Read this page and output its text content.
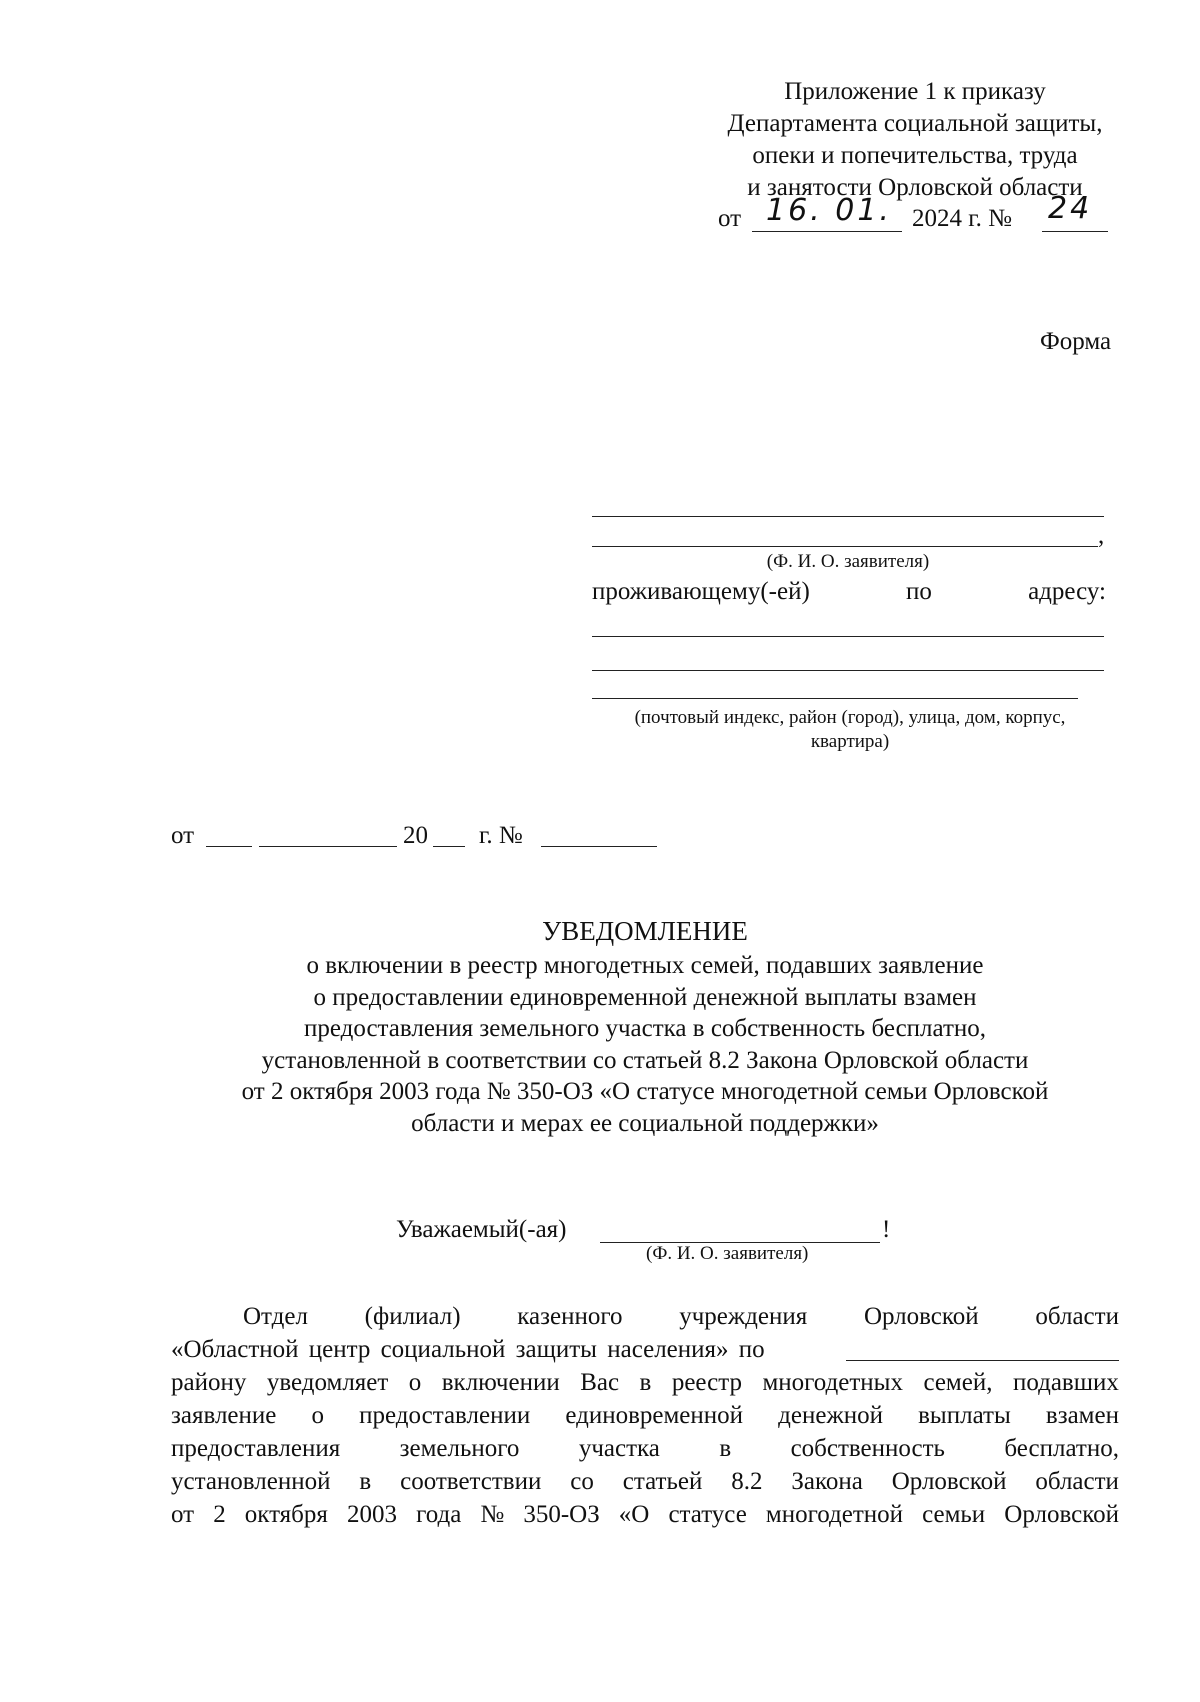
Приложение 1 к приказу
Департамента социальной защиты,
опеки и попечительства, труда
и занятости Орловской области
от 16. 01. 2024 г. № 24
Форма
,
(Ф. И. О. заявителя)
проживающему(-ей)	по	адресу:
(почтовый индекс, район (город), улица, дом, корпус,
квартира)
от	20 г. №
УВЕДОМЛЕНИЕ
о включении в реестр многодетных семей, подавших заявление
о предоставлении единовременной денежной выплаты взамен
предоставления земельного участка в собственность бесплатно,
установленной в соответствии со статьей 8.2 Закона Орловской области
от 2 октября 2003 года № 350-ОЗ «О статусе многодетной семьи Орловской
области и мерах ее социальной поддержки»
Уважаемый(-ая)	!
(Ф. И. О. заявителя)
Отдел (филиал) казенного учреждения Орловской области
«Областной центр социальной защиты населения» по
району уведомляет о включении Вас в реестр многодетных семей, подавших
заявление о предоставлении единовременной денежной выплаты взамен
предоставления земельного участка в собственность бесплатно,
установленной в соответствии со статьей 8.2 Закона Орловской области
от 2 октября 2003 года № 350-ОЗ «О статусе многодетной семьи Орловской
